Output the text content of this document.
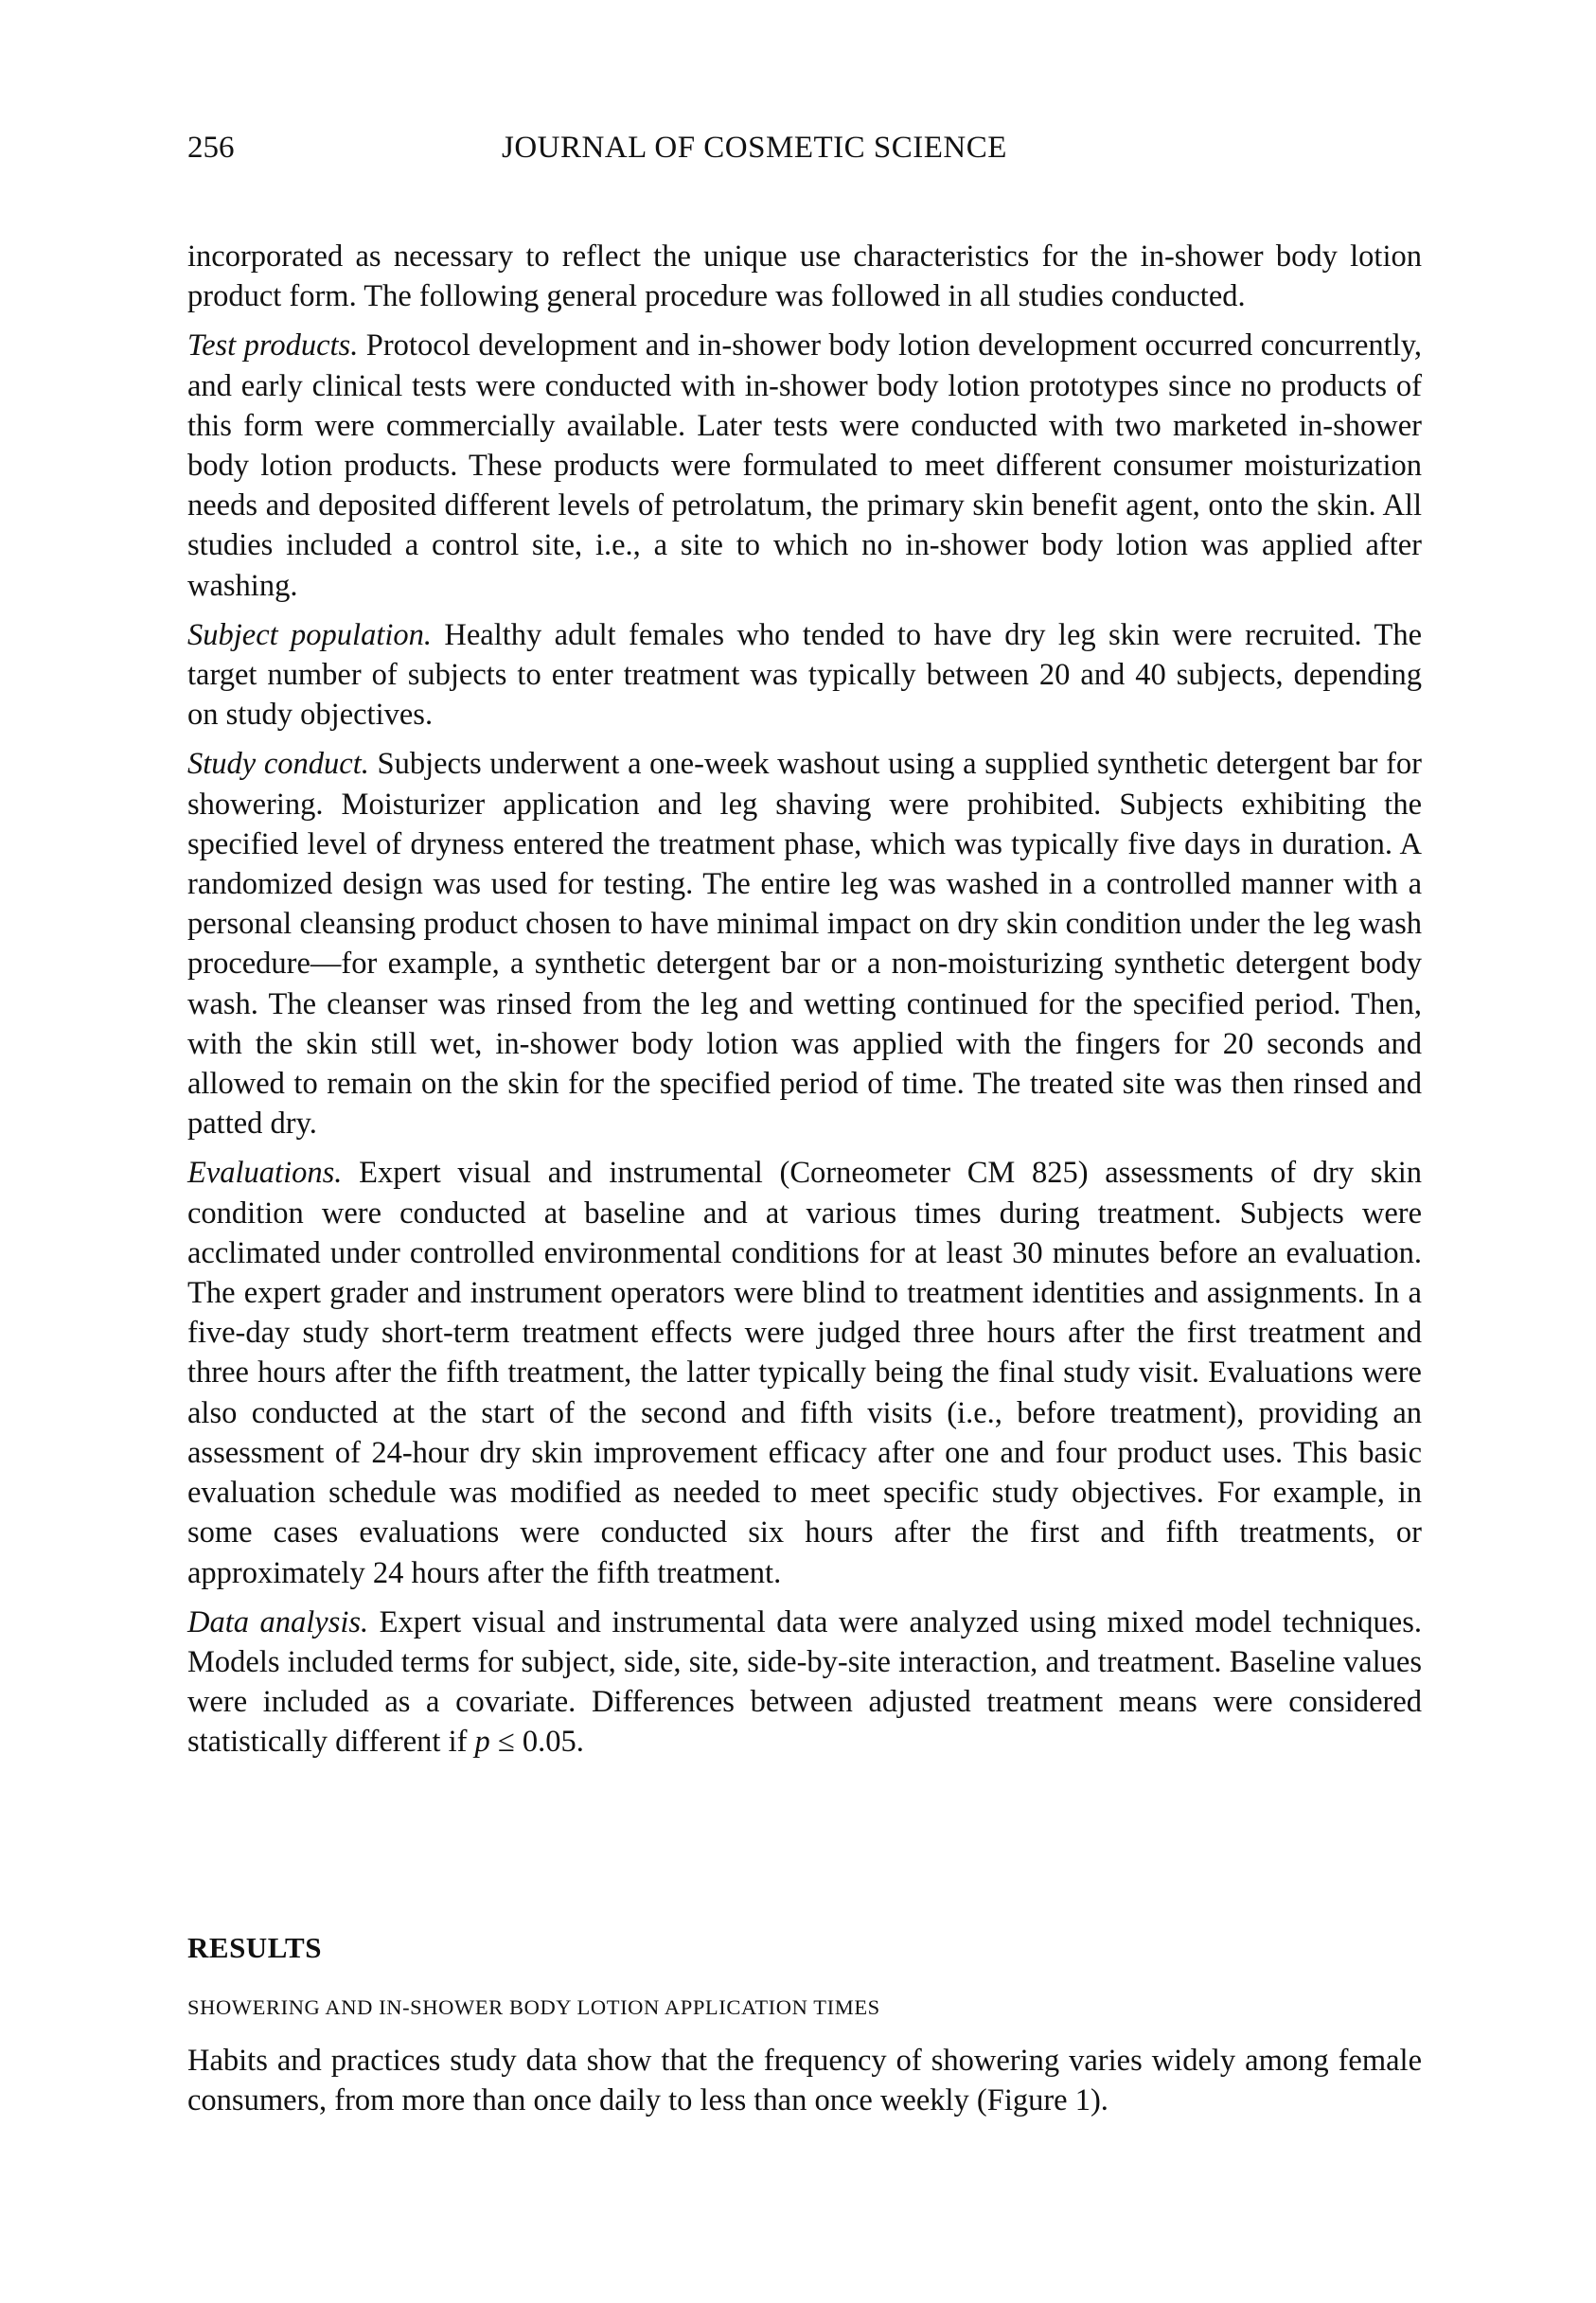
256	JOURNAL OF COSMETIC SCIENCE

incorporated as necessary to reflect the unique use characteristics for the in-shower body lotion product form. The following general procedure was followed in all studies conducted.

Test products. Protocol development and in-shower body lotion development occurred concurrently, and early clinical tests were conducted with in-shower body lotion prototypes since no products of this form were commercially available. Later tests were conducted with two marketed in-shower body lotion products. These products were formulated to meet different consumer moisturization needs and deposited different levels of petrolatum, the primary skin benefit agent, onto the skin. All studies included a control site, i.e., a site to which no in-shower body lotion was applied after washing.

Subject population. Healthy adult females who tended to have dry leg skin were recruited. The target number of subjects to enter treatment was typically between 20 and 40 subjects, depending on study objectives.

Study conduct. Subjects underwent a one-week washout using a supplied synthetic detergent bar for showering. Moisturizer application and leg shaving were prohibited. Subjects exhibiting the specified level of dryness entered the treatment phase, which was typically five days in duration. A randomized design was used for testing. The entire leg was washed in a controlled manner with a personal cleansing product chosen to have minimal impact on dry skin condition under the leg wash procedure—for example, a synthetic detergent bar or a non-moisturizing synthetic detergent body wash. The cleanser was rinsed from the leg and wetting continued for the specified period. Then, with the skin still wet, in-shower body lotion was applied with the fingers for 20 seconds and allowed to remain on the skin for the specified period of time. The treated site was then rinsed and patted dry.

Evaluations. Expert visual and instrumental (Corneometer CM 825) assessments of dry skin condition were conducted at baseline and at various times during treatment. Subjects were acclimated under controlled environmental conditions for at least 30 minutes before an evaluation. The expert grader and instrument operators were blind to treatment identities and assignments. In a five-day study short-term treatment effects were judged three hours after the first treatment and three hours after the fifth treatment, the latter typically being the final study visit. Evaluations were also conducted at the start of the second and fifth visits (i.e., before treatment), providing an assessment of 24-hour dry skin improvement efficacy after one and four product uses. This basic evaluation schedule was modified as needed to meet specific study objectives. For example, in some cases evaluations were conducted six hours after the first and fifth treatments, or approximately 24 hours after the fifth treatment.

Data analysis. Expert visual and instrumental data were analyzed using mixed model techniques. Models included terms for subject, side, site, side-by-site interaction, and treatment. Baseline values were included as a covariate. Differences between adjusted treatment means were considered statistically different if p ≤ 0.05.

RESULTS
SHOWERING AND IN-SHOWER BODY LOTION APPLICATION TIMES

Habits and practices study data show that the frequency of showering varies widely among female consumers, from more than once daily to less than once weekly (Figure 1).
